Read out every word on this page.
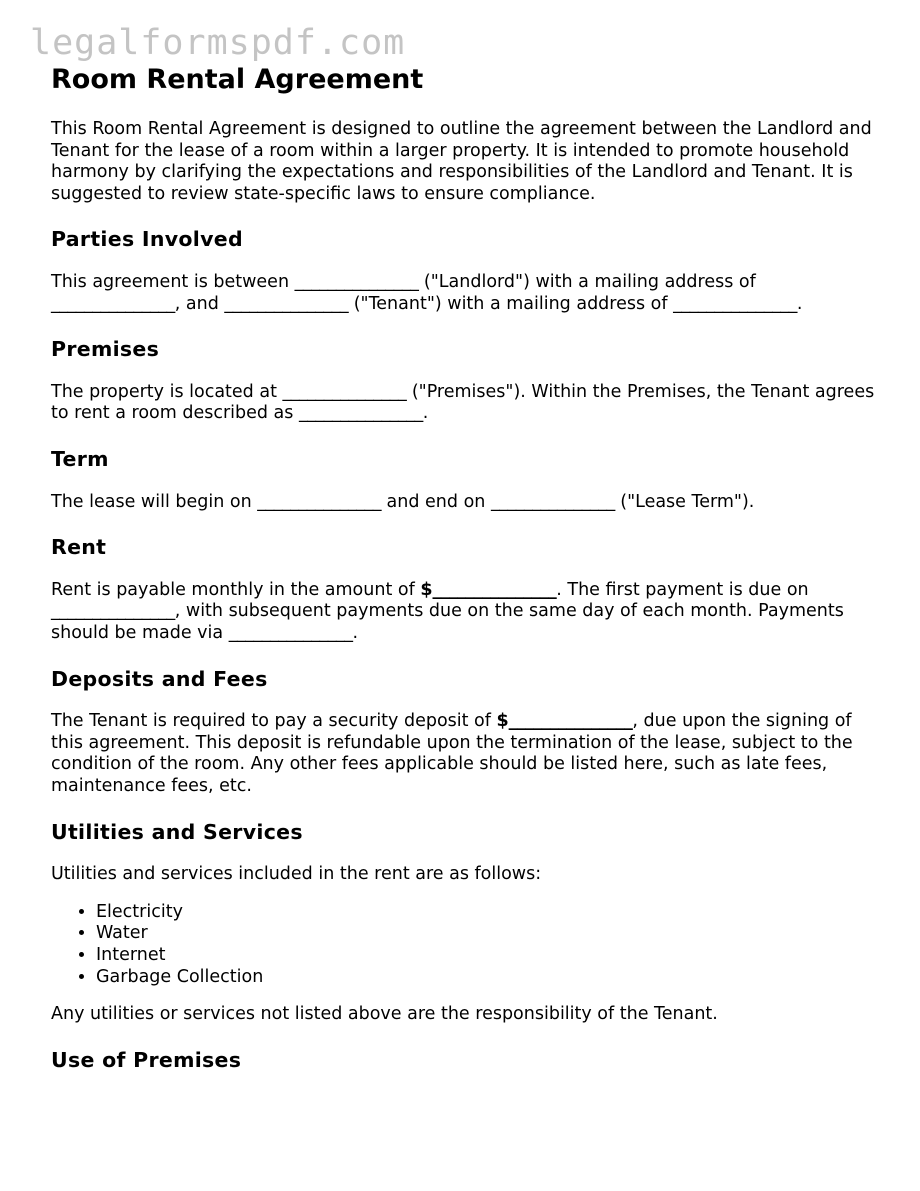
legalformspdf.com
Room Rental Agreement

This Room Rental Agreement is designed to outline the agreement between the Landlord and Tenant for the lease of a room within a larger property. It is intended to promote household harmony by clarifying the expectations and responsibilities of the Landlord and Tenant. It is suggested to review state-specific laws to ensure compliance.

Parties Involved

This agreement is between _______________ ("Landlord") with a mailing address of _______________, and _______________ ("Tenant") with a mailing address of _______________.

Premises

The property is located at _______________ ("Premises"). Within the Premises, the Tenant agrees to rent a room described as _______________.

Term

The lease will begin on _______________ and end on _______________ ("Lease Term").

Rent

Rent is payable monthly in the amount of $_______________. The first payment is due on _______________, with subsequent payments due on the same day of each month. Payments should be made via _______________.

Deposits and Fees

The Tenant is required to pay a security deposit of $_______________, due upon the signing of this agreement. This deposit is refundable upon the termination of the lease, subject to the condition of the room. Any other fees applicable should be listed here, such as late fees, maintenance fees, etc.

Utilities and Services

Utilities and services included in the rent are as follows:

• Electricity
• Water
• Internet
• Garbage Collection

Any utilities or services not listed above are the responsibility of the Tenant.

Use of Premises
